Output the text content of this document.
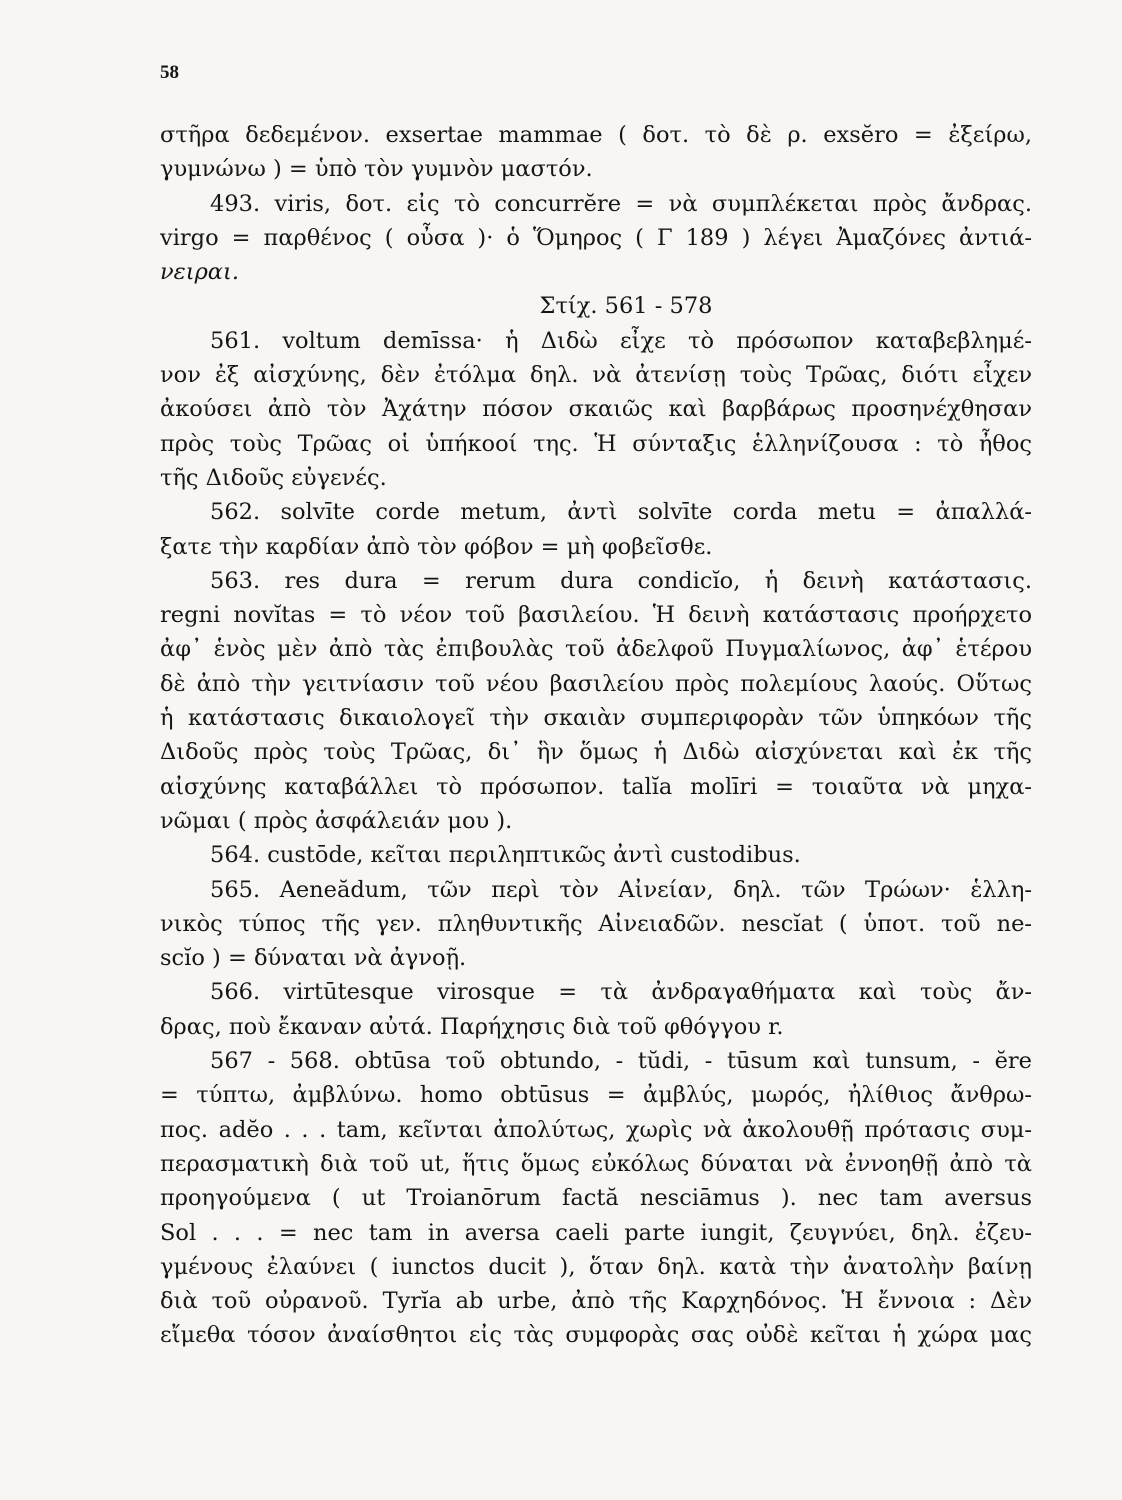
58
στῆρα δεδεμένον. exsertae mammae ( δοτ. τὸ δὲ ρ. exsĕro = ἐξείρω,
γυμνώνω ) = ὑπὸ τὸν γυμνὸν μαστόν.
493. viris, δοτ. εἰς τὸ concurrĕre = νὰ συμπλέκεται πρὸς ἄνδρας.
virgo = παρθένος ( οὖσα )· ὁ Ὅμηρος ( Γ 189 ) λέγει Ἀμαζόνες ἀντιά-
νειραι.
Στίχ. 561 - 578
561. voltum demīssa· ἡ Διδὼ εἶχε τὸ πρόσωπον καταβεβλημέ-
νον ἐξ αἰσχύνης, δὲν ἐτόλμα δηλ. νὰ ἀτενίσῃ τοὺς Τρῶας, διότι εἶχεν
ἀκούσει ἀπὸ τὸν Ἀχάτην πόσον σκαιῶς καὶ βαρβάρως προσηνέχθησαν
πρὸς τοὺς Τρῶας οἱ ὑπήκοοί της. Ἡ σύνταξις ἑλληνίζουσα : τὸ ἦθος
τῆς Διδοῦς εὐγενές.
562. solvīte corde metum, ἀντὶ solvīte corda metu = ἀπαλλά-
ξατε τὴν καρδίαν ἀπὸ τὸν φόβον = μὴ φοβεῖσθε.
563. res dura = rerum dura condicĭo, ἡ δεινὴ κατάστασις.
regni novĭtas = τὸ νέον τοῦ βασιλείου. Ἡ δεινὴ κατάστασις προήρχετο
ἀφ᾽ ἑνὸς μὲν ἀπὸ τὰς ἐπιβουλὰς τοῦ ἀδελφοῦ Πυγμαλίωνος, ἀφ᾽ ἑτέρου
δὲ ἀπὸ τὴν γειτνίασιν τοῦ νέου βασιλείου πρὸς πολεμίους λαούς. Οὕτως
ἡ κατάστασις δικαιολογεῖ τὴν σκαιὰν συμπεριφορὰν τῶν ὑπηκόων τῆς
Διδοῦς πρὸς τοὺς Τρῶας, δι᾽ ἣν ὅμως ἡ Διδὼ αἰσχύνεται καὶ ἐκ τῆς
αἰσχύνης καταβάλλει τὸ πρόσωπον. talĭa molīri = τοιαῦτα νὰ μηχα-
νῶμαι ( πρὸς ἀσφάλειάν μου ).
564. custōde, κεῖται περιληπτικῶς ἀντὶ custodibus.
565. Aeneădum, τῶν περὶ τὸν Αἰνείαν, δηλ. τῶν Τρώων· ἑλλη-
νικὸς τύπος τῆς γεν. πληθυντικῆς Αἰνειαδῶν. nescĭat ( ὑποτ. τοῦ ne-
scĭo ) = δύναται νὰ ἀγνοῇ.
566. virtūtesque virosque = τὰ ἀνδραγαθήματα καὶ τοὺς ἄν-
δρας, ποὺ ἔκαναν αὐτά. Παρήχησις διὰ τοῦ φθόγγου r.
567 - 568. obtūsa τοῦ obtundo, - tŭdi, - tūsum καὶ tunsum, - ĕre
= τύπτω, ἀμβλύνω. homo obtūsus = ἀμβλύς, μωρός, ἠλίθιος ἄνθρω-
πος. adĕo . . . tam, κεῖνται ἀπολύτως, χωρὶς νὰ ἀκολουθῇ πρότασις συμ-
περασματικὴ διὰ τοῦ ut, ἥτις ὅμως εὐκόλως δύναται νὰ ἐννοηθῇ ἀπὸ τὰ
προηγούμενα ( ut Troianōrum factă nesciāmus ). nec tam aversus
Sol . . . = nec tam in aversa caeli parte iungit, ζευγνύει, δηλ. ἐζευ-
γμένους ἐλαύνει ( iunctos ducit ), ὅταν δηλ. κατὰ τὴν ἀνατολὴν βαίνῃ
διὰ τοῦ οὐρανοῦ. Tyrĭa ab urbe, ἀπὸ τῆς Καρχηδόνος. Ἡ ἔννοια : Δὲν
εἴμεθα τόσον ἀναίσθητοι εἰς τὰς συμφορὰς σας οὐδὲ κεῖται ἡ χώρα μας
